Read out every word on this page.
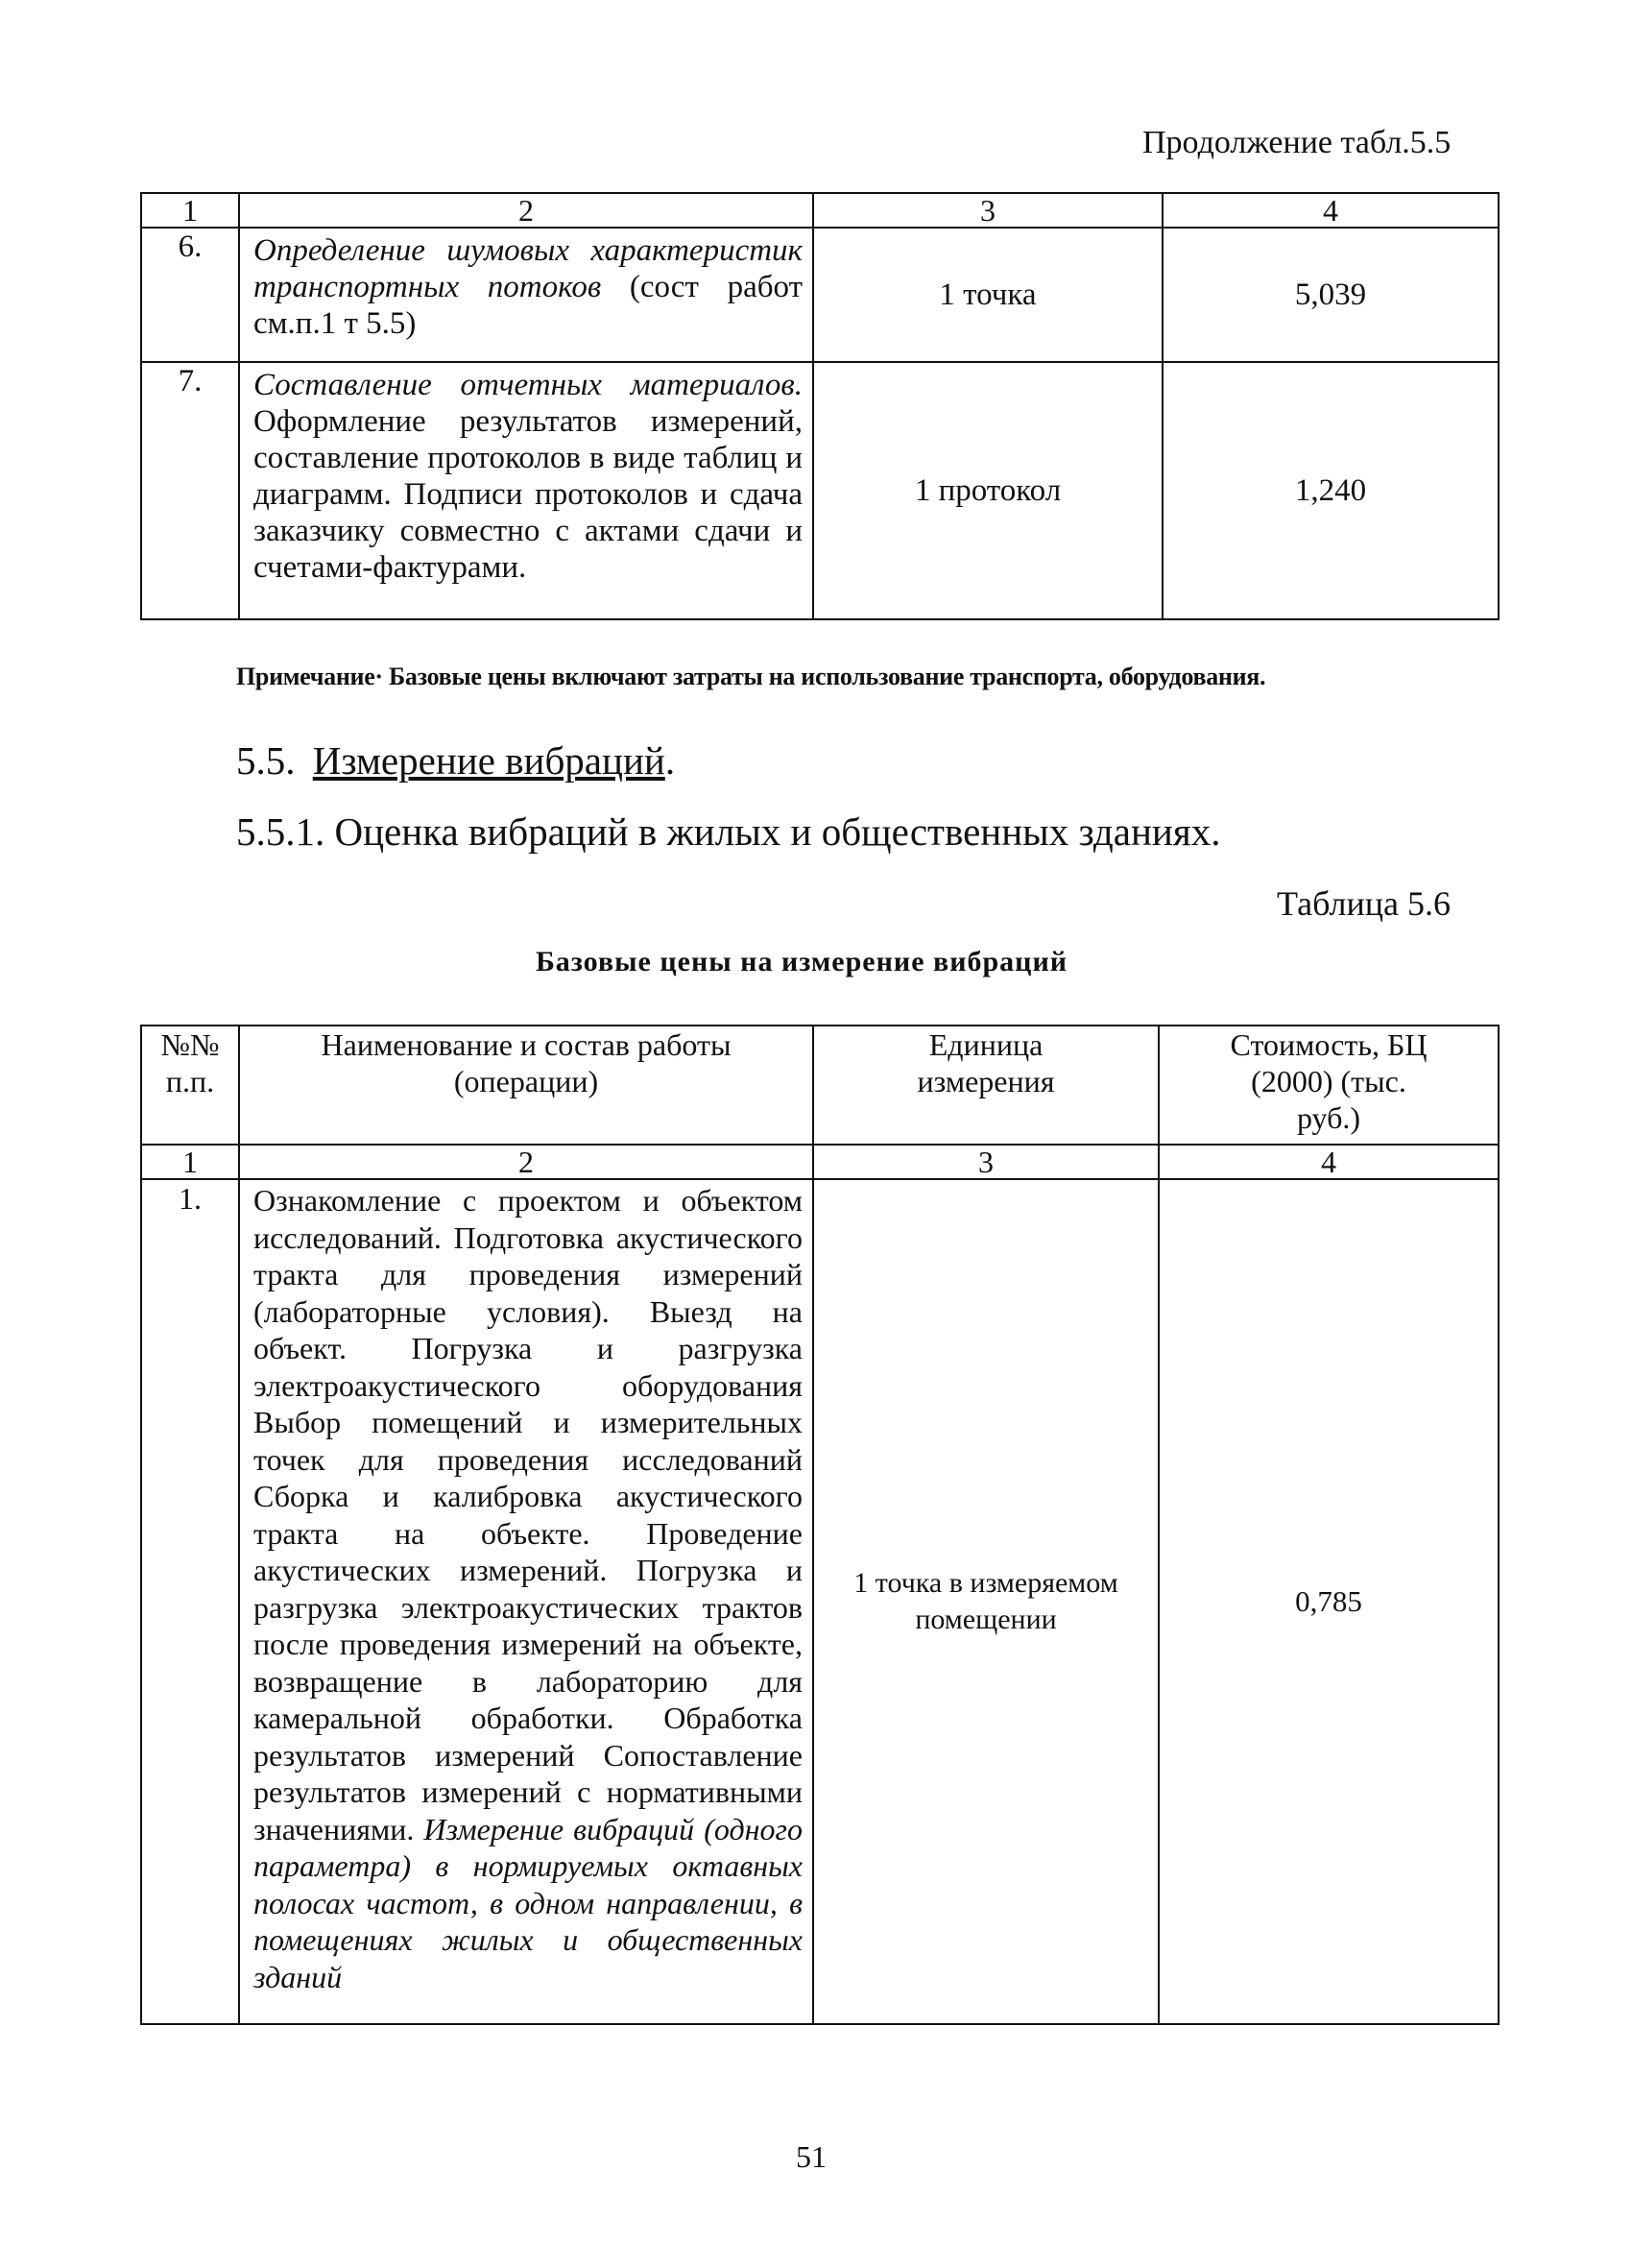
Продолжение табл.5.5
1	2	3	4
6.	Определение шумовых характеристик транспортных потоков (сост работ см.п.1 т 5.5)	1 точка	5,039
7.	Составление отчетных материалов. Оформление результатов измерений, составление протоколов в виде таблиц и диаграмм. Подписи протоколов и сдача заказчику совместно с актами сдачи и счетами-фактурами.	1 протокол	1,240
Примечание· Базовые цены включают затраты на использование транспорта, оборудования.
5.5. Измерение вибраций.
5.5.1. Оценка вибраций в жилых и общественных зданиях.
Таблица 5.6
Базовые цены на измерение вибраций
№№ п.п.	Наименование и состав работы (операции)	Единица измерения	Стоимость, БЦ (2000) (тыс. руб.)
1	2	3	4
1.	Ознакомление с проектом и объектом исследований. Подготовка акустического тракта для проведения измерений (лабораторные условия). Выезд на объект. Погрузка и разгрузка электроакустического оборудования Выбор помещений и измерительных точек для проведения исследований Сборка и калибровка акустического тракта на объекте. Проведение акустических измерений. Погрузка и разгрузка электроакустических трактов после проведения измерений на объекте, возвращение в лабораторию для камеральной обработки. Обработка результатов измерений Сопоставление результатов измерений с нормативными значениями. Измерение вибраций (одного параметра) в нормируемых октавных полосах частот, в одном направлении, в помещениях жилых и общественных зданий	1 точка в измеряемом помещении	0,785
51
